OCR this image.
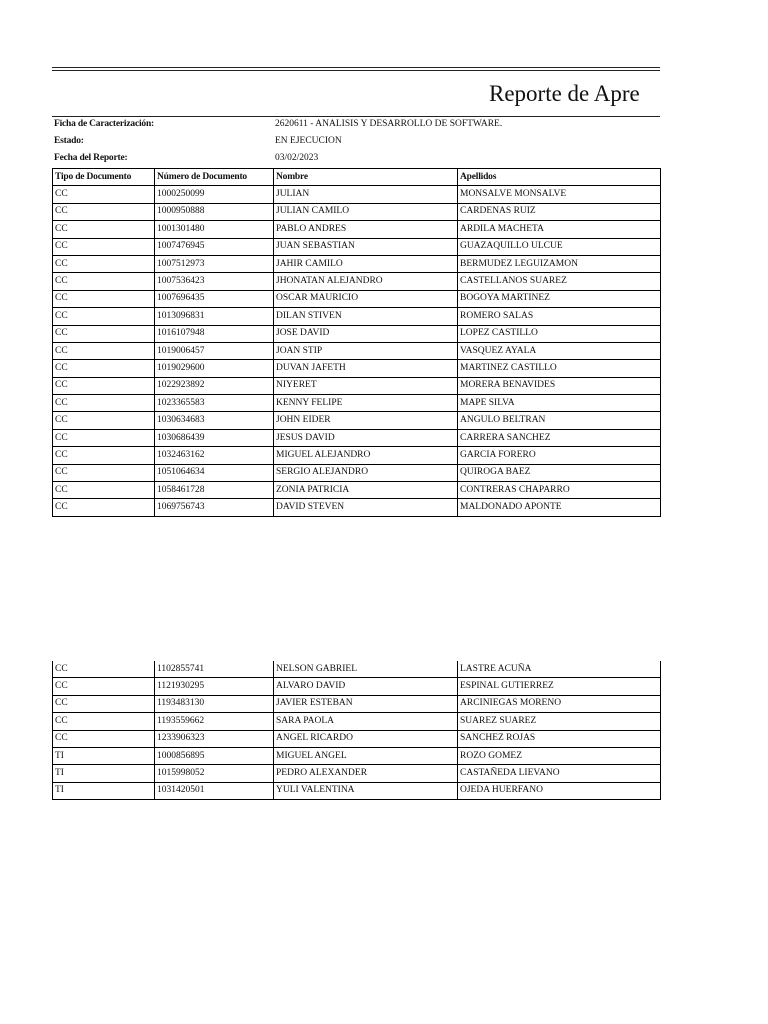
Reporte de Apre
Ficha de Caracterización:	2620611 - ANALISIS Y DESARROLLO DE SOFTWARE.
Estado:	EN EJECUCION
Fecha del Reporte:	03/02/2023
Tipo de Documento	Número de Documento	Nombre	Apellidos
CC	1000250099	JULIAN	MONSALVE MONSALVE
CC	1000950888	JULIAN CAMILO	CARDENAS RUIZ
CC	1001301480	PABLO ANDRES	ARDILA MACHETA
CC	1007476945	JUAN SEBASTIAN	GUAZAQUILLO ULCUE
CC	1007512973	JAHIR CAMILO	BERMUDEZ LEGUIZAMON
CC	1007536423	JHONATAN ALEJANDRO	CASTELLANOS SUAREZ
CC	1007696435	OSCAR MAURICIO	BOGOYA MARTINEZ
CC	1013096831	DILAN STIVEN	ROMERO SALAS
CC	1016107948	JOSE DAVID	LOPEZ CASTILLO
CC	1019006457	JOAN STIP	VASQUEZ AYALA
CC	1019029600	DUVAN JAFETH	MARTINEZ CASTILLO
CC	1022923892	NIYERET	MORERA BENAVIDES
CC	1023365583	KENNY FELIPE	MAPE SILVA
CC	1030634683	JOHN EIDER	ANGULO BELTRAN
CC	1030686439	JESUS DAVID	CARRERA SANCHEZ
CC	1032463162	MIGUEL ALEJANDRO	GARCIA FORERO
CC	1051064634	SERGIO ALEJANDRO	QUIROGA BAEZ
CC	1058461728	ZONIA PATRICIA	CONTRERAS CHAPARRO
CC	1069756743	DAVID STEVEN	MALDONADO APONTE
CC	1102855741	NELSON GABRIEL	LASTRE ACUÑA
CC	1121930295	ALVARO DAVID	ESPINAL GUTIERREZ
CC	1193483130	JAVIER ESTEBAN	ARCINIEGAS MORENO
CC	1193559662	SARA PAOLA	SUAREZ SUAREZ
CC	1233906323	ANGEL RICARDO	SANCHEZ ROJAS
TI	1000856895	MIGUEL ANGEL	ROZO GOMEZ
TI	1015998052	PEDRO ALEXANDER	CASTAÑEDA LIEVANO
TI	1031420501	YULI VALENTINA	OJEDA HUERFANO
